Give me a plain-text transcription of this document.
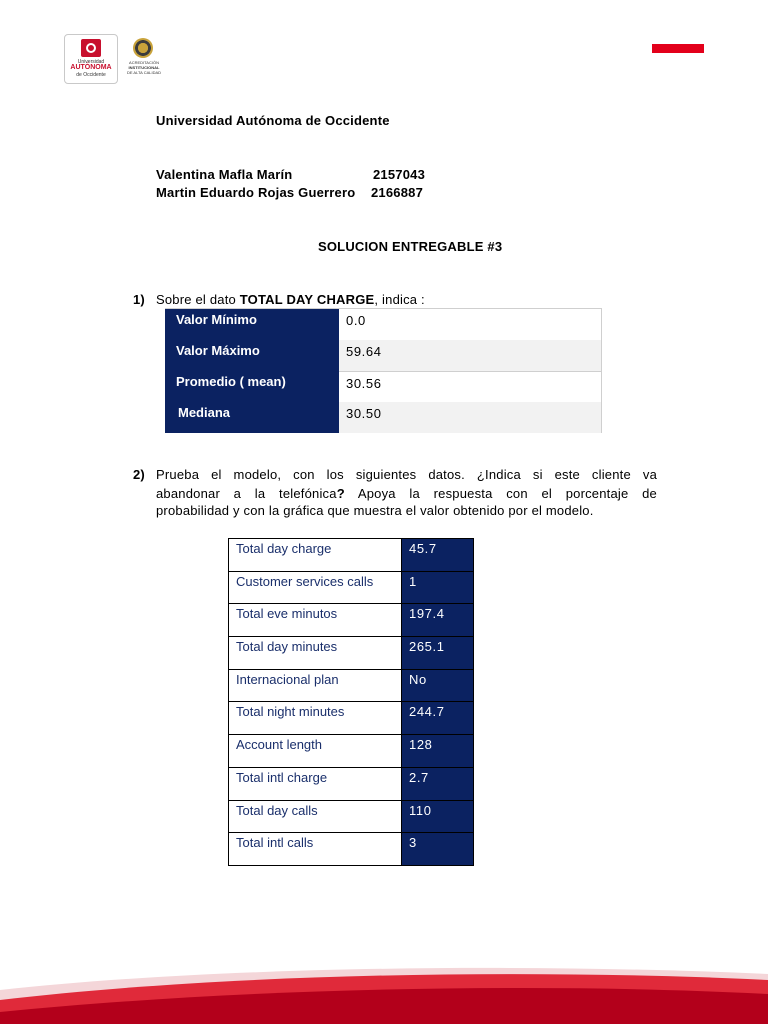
Universidad
AUTÓNOMA
de Occidente
ACREDITACIÓN
INSTITUCIONAL
DE ALTA CALIDAD
Universidad Autónoma de Occidente
Valentina Mafla Marín	2157043
Martin Eduardo Rojas Guerrero 2166887
SOLUCION ENTREGABLE #3
1) Sobre el dato TOTAL DAY CHARGE, indica :
Valor Mínimo	0.0
Valor Máximo	59.64
Promedio ( mean)	30.56
Mediana	30.50
2) Prueba el modelo, con los siguientes datos. ¿Indica si este cliente va
abandonar a la telefónica? Apoya la respuesta con el porcentaje de
probabilidad y con la gráfica que muestra el valor obtenido por el modelo.
Total day charge	45.7
Customer services calls	1
Total eve minutos	197.4
Total day minutes	265.1
Internacional plan	No
Total night minutes	244.7
Account length	128
Total intl charge	2.7
Total day calls	110
Total intl calls	3
